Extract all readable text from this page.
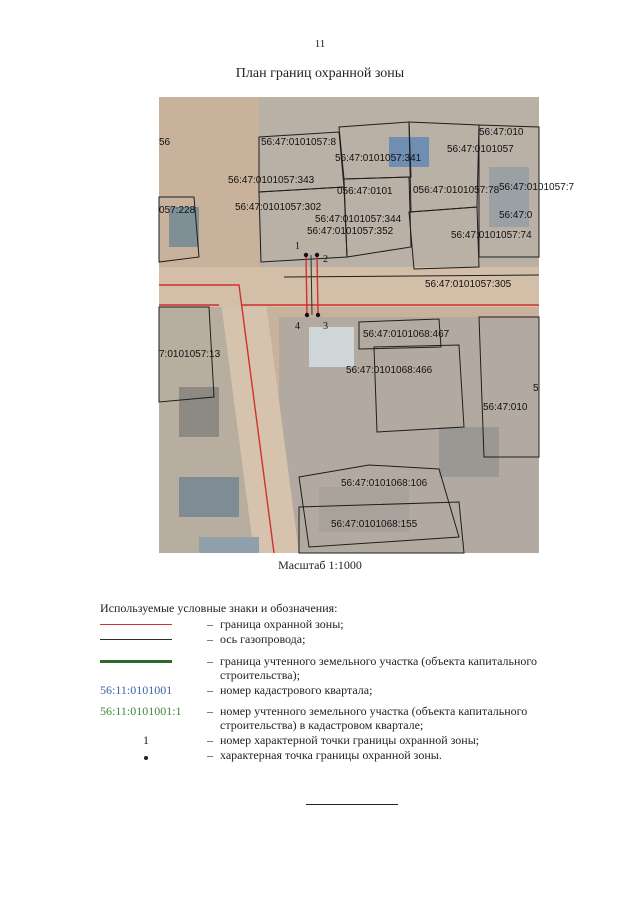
11
План границ охранной зоны
1
2
3
4
56:47:0101057:8
56:47:0101057:341
56:47:0101057:343
56:47:0101057:302
56:47:0101057:344
56:47:0101057:352
56:47:0101057:305
056:47:0101057:78 56:47:0101057:7
56:47:0101057:74
056:47:0101
56:47:0101057
56:47:0
56:47:010
057:228
56
56:47:0101068:467
56:47:0101068:466
56:47:0101068:106
56:47:0101068:155
7:0101057:13
56:47:010
5
Масштаб 1:1000
Используемые условные знаки и обозначения:
– граница охранной зоны;
– ось газопровода;
– граница учтенного земельного участка (объекта капитального строительства);
56:11:0101001	– номер кадастрового квартала;
56:11:0101001:1	– номер учтенного земельного участка (объекта капитального строительства) в кадастровом квартале;
1	– номер характерной точки границы охранной зоны;
– характерная точка границы охранной зоны.
